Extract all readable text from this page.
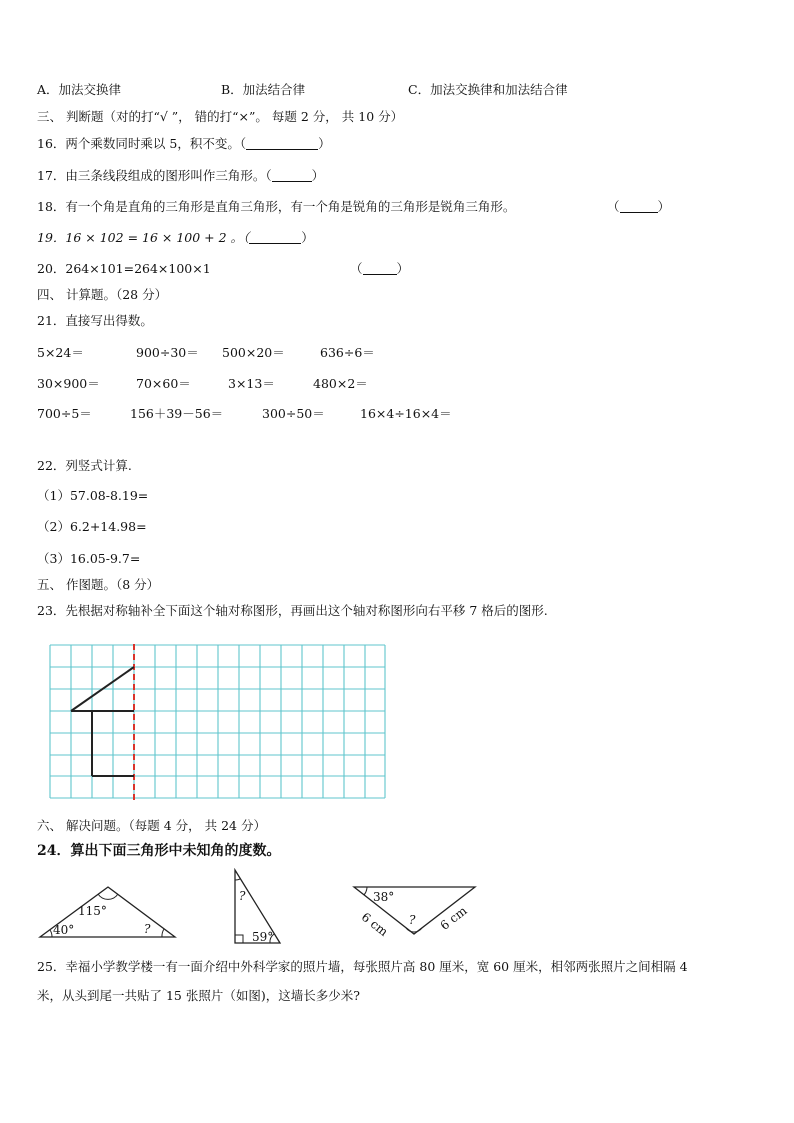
A．加法交换律	B．加法结合律	C．加法交换律和加法结合律
三、 判断题（对的打“√ ”， 错的打“×”。 每题 2 分， 共 10 分）
16．两个乘数同时乘以 5，积不变。（	）
17．由三条线段组成的图形叫作三角形。（	）
18．有一个角是直角的三角形是直角三角形，有一个角是锐角的三角形是锐角三角形。	（	）
19．16 × 102 = 16 × 100 + 2 。（	）
20．264×101=264×100×1	（	）
四、 计算题。（28 分）
21．直接写出得数。
5×24＝	900÷30＝ 500×20＝	636÷6＝
30×900＝	70×60＝	3×13＝	480×2＝
700÷5＝	156＋39－56＝	300÷50＝	16×4÷16×4＝
22．列竖式计算.
（1）57.08-8.19=
（2）6.2+14.98=
（3）16.05-9.7=
五、 作图题。（8 分）
23．先根据对称轴补全下面这个轴对称图形，再画出这个轴对称图形向右平移 7 格后的图形.
六、 解决问题。（每题 4 分， 共 24 分）
24．算出下面三角形中未知角的度数。
115°
40°	?
?
59°
38°
6 cm	6 cm
?
25．幸福小学教学楼一有一面介绍中外科学家的照片墙，每张照片高 80 厘米，宽 60 厘米，相邻两张照片之间相隔 4
米，从头到尾一共贴了 15 张照片（如图)，这墙长多少米?
